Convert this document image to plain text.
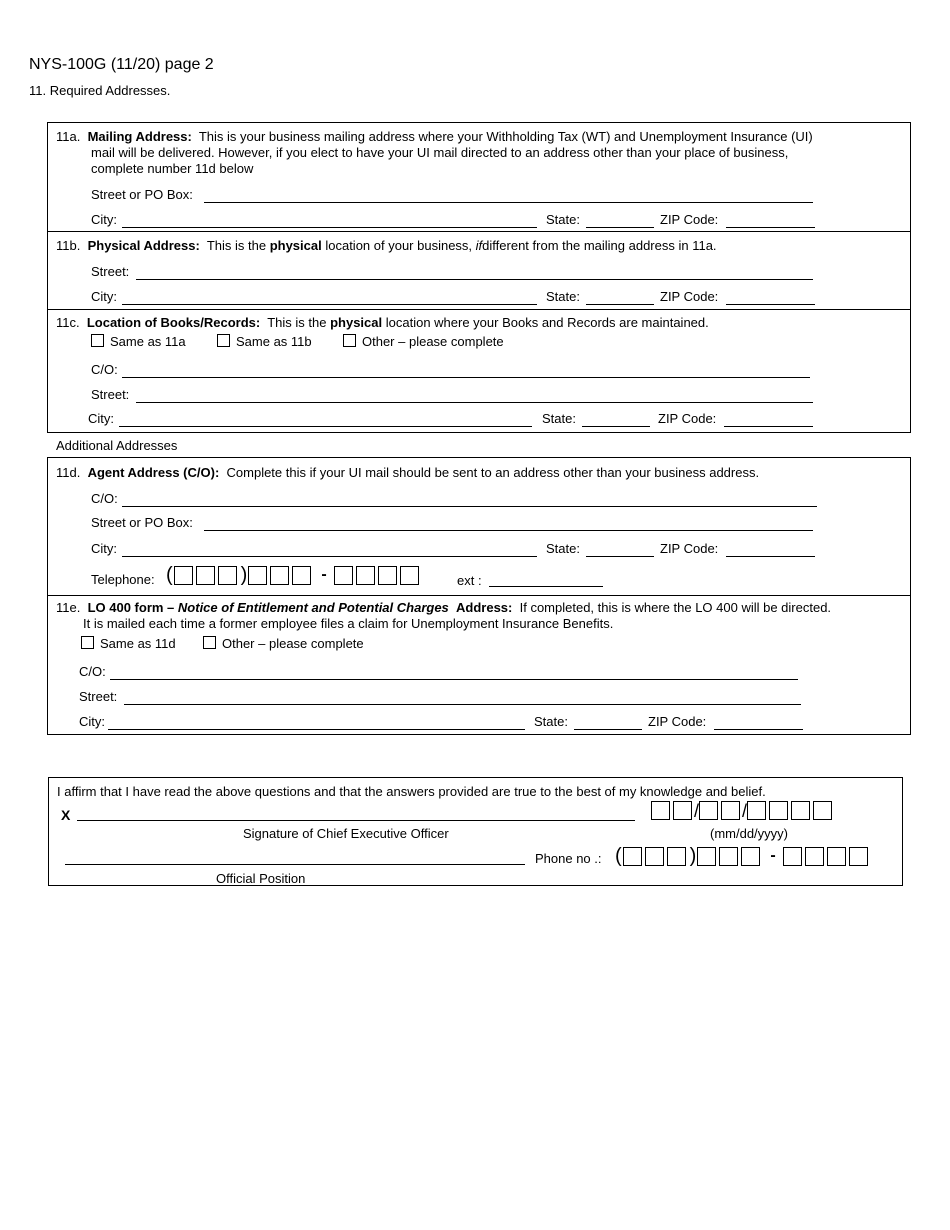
NYS-100G (11/20) page 2
11. Required Addresses.
11a. Mailing Address: This is your business mailing address where your Withholding Tax (WT) and Unemployment Insurance (UI)
mail will be delivered. However, if you elect to have your UI mail directed to an address other than your place of business,
complete number 11d below
Street or PO Box:
City:	State:	ZIP Code:
11b. Physical Address: This is the physical location of your business, ifdifferent from the mailing address in 11a.
Street:
City:	State:	ZIP Code:
11c. Location of Books/Records: This is the physical location where your Books and Records are maintained.
Same as 11a	Same as 11b	Other – please complete
C/O:
Street:
City:	State:	ZIP Code:
Additional Addresses
11d. Agent Address (C/O): Complete this if your UI mail should be sent to an address other than your business address.
C/O:
Street or PO Box:
City:	State:	ZIP Code:
Telephone: (	)	-	ext :
11e. LO 400 form – Notice of Entitlement and Potential Charges Address: If completed, this is where the LO 400 will be directed.
It is mailed each time a former employee files a claim for Unemployment Insurance Benefits.
Same as 11d	Other – please complete
C/O:
Street:
City:	State:	ZIP Code:
I affirm that I have read the above questions and that the answers provided are true to the best of my knowledge and belief.
X	/ /
Signature of Chief Executive Officer	(mm/dd/yyyy)
Phone no .: (	)	-
Official Position
